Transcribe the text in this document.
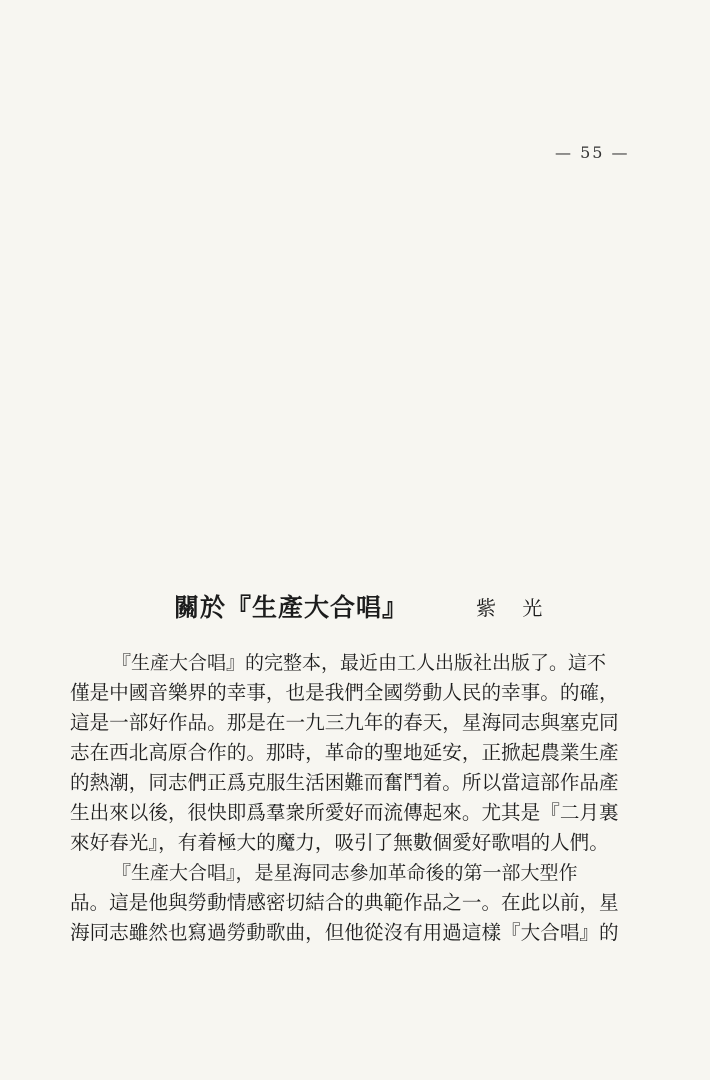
— 55 —
關於『生產大合唱』	紫 光
『生產大合唱』的完整本，最近由工人出版社出版了。這不
僅是中國音樂界的幸事，也是我們全國勞動人民的幸事。的確，
這是一部好作品。那是在一九三九年的春天，星海同志與塞克同
志在西北高原合作的。那時，革命的聖地延安，正掀起農業生產
的熱潮，同志們正爲克服生活困難而奮鬥着。所以當這部作品產
生出來以後，很快即爲羣衆所愛好而流傳起來。尤其是『二月裏
來好春光』，有着極大的魔力，吸引了無數個愛好歌唱的人們。
『生產大合唱』，是星海同志參加革命後的第一部大型作
品。這是他與勞動情感密切結合的典範作品之一。在此以前，星
海同志雖然也寫過勞動歌曲，但他從沒有用過這樣『大合唱』的
